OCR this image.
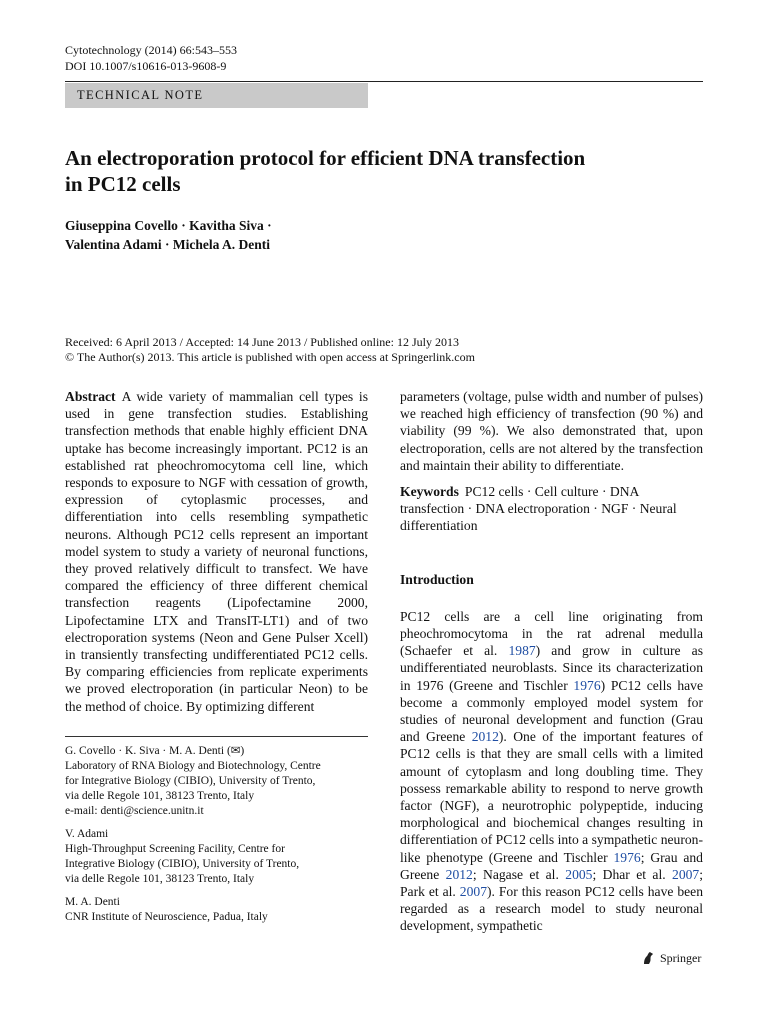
Cytotechnology (2014) 66:543–553
DOI 10.1007/s10616-013-9608-9
TECHNICAL NOTE
An electroporation protocol for efficient DNA transfection
in PC12 cells
Giuseppina Covello · Kavitha Siva ·
Valentina Adami · Michela A. Denti
Received: 6 April 2013 / Accepted: 14 June 2013 / Published online: 12 July 2013
© The Author(s) 2013. This article is published with open access at Springerlink.com
Abstract A wide variety of mammalian cell types is used in gene transfection studies. Establishing transfection methods that enable highly efficient DNA uptake has become increasingly important. PC12 is an established rat pheochromocytoma cell line, which responds to exposure to NGF with cessation of growth, expression of cytoplasmic processes, and differentiation into cells resembling sympathetic neurons. Although PC12 cells represent an important model system to study a variety of neuronal functions, they proved relatively difficult to transfect. We have compared the efficiency of three different chemical transfection reagents (Lipofectamine 2000, Lipofectamine LTX and TransIT-LT1) and of two electroporation systems (Neon and Gene Pulser Xcell) in transiently transfecting undifferentiated PC12 cells. By comparing efficiencies from replicate experiments we proved electroporation (in particular Neon) to be the method of choice. By optimizing different
G. Covello · K. Siva · M. A. Denti (✉)
Laboratory of RNA Biology and Biotechnology, Centre
for Integrative Biology (CIBIO), University of Trento,
via delle Regole 101, 38123 Trento, Italy
e-mail: denti@science.unitn.it
V. Adami
High-Throughput Screening Facility, Centre for
Integrative Biology (CIBIO), University of Trento,
via delle Regole 101, 38123 Trento, Italy
M. A. Denti
CNR Institute of Neuroscience, Padua, Italy
parameters (voltage, pulse width and number of pulses) we reached high efficiency of transfection (90 %) and viability (99 %). We also demonstrated that, upon electroporation, cells are not altered by the transfection and maintain their ability to differentiate.
Keywords PC12 cells · Cell culture · DNA transfection · DNA electroporation · NGF · Neural differentiation
Introduction
PC12 cells are a cell line originating from pheochromocytoma in the rat adrenal medulla (Schaefer et al. 1987) and grow in culture as undifferentiated neuroblasts. Since its characterization in 1976 (Greene and Tischler 1976) PC12 cells have become a commonly employed model system for studies of neuronal development and function (Grau and Greene 2012). One of the important features of PC12 cells is that they are small cells with a limited amount of cytoplasm and long doubling time. They possess remarkable ability to respond to nerve growth factor (NGF), a neurotrophic polypeptide, inducing morphological and biochemical changes resulting in differentiation of PC12 cells into a sympathetic neuron-like phenotype (Greene and Tischler 1976; Grau and Greene 2012; Nagase et al. 2005; Dhar et al. 2007; Park et al. 2007). For this reason PC12 cells have been regarded as a research model to study neuronal development, sympathetic
Springer
